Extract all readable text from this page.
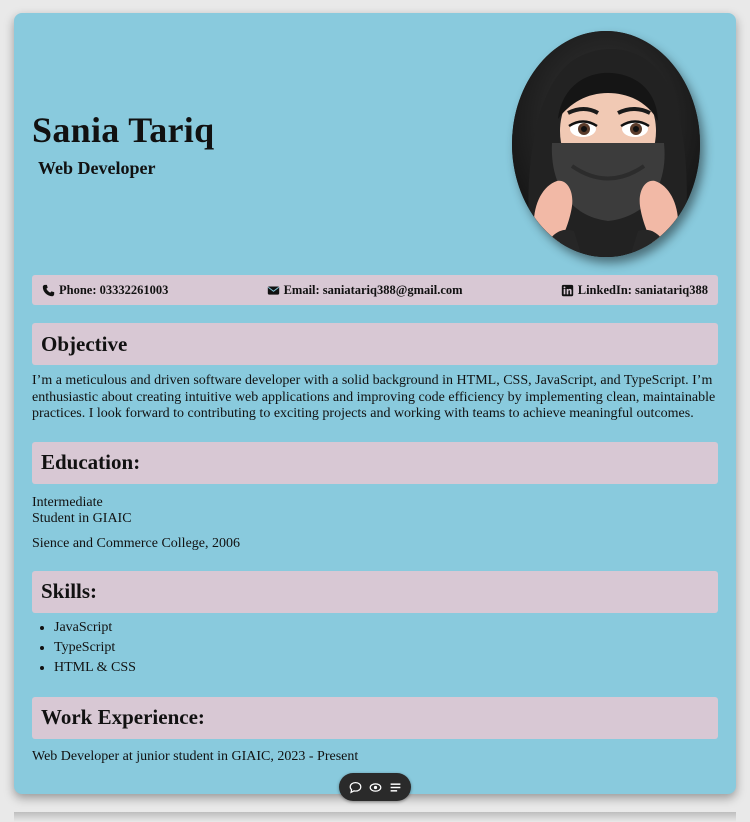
Sania Tariq
Web Developer
Phone: 03332261003	Email: saniatariq388@gmail.com	LinkedIn: saniatariq388
Objective

I’m a meticulous and driven software developer with a solid background in HTML, CSS, JavaScript, and TypeScript. I’m enthusiastic about creating intuitive web applications and improving code efficiency by implementing clean, maintainable practices. I look forward to contributing to exciting projects and working with teams to achieve meaningful outcomes.

Education:

Intermediate
Student in GIAIC

Sience and Commerce College, 2006

Skills:
• JavaScript
• TypeScript
• HTML & CSS
Work Experience:

Web Developer at junior student in GIAIC, 2023 - Present
